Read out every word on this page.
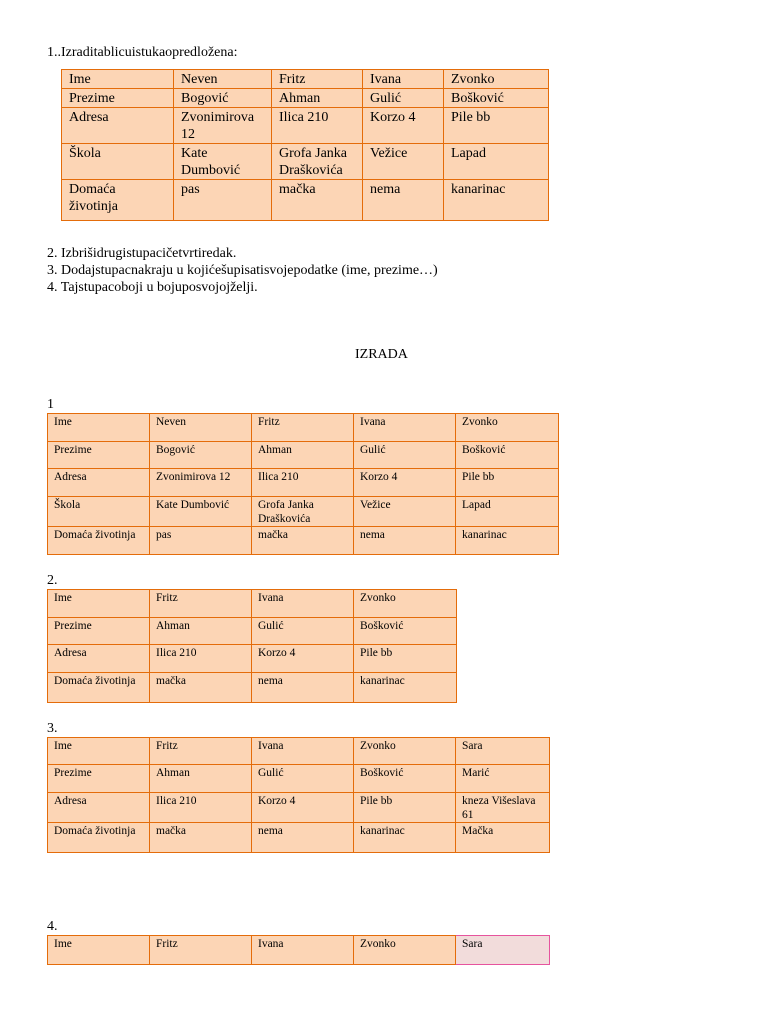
1..Izraditablicuistukaopredložena:

Ime	Neven	Fritz	Ivana	Zvonko
Prezime	Bogović	Ahman	Gulić	Bošković
Adresa	Zvonimirova 12	Ilica 210	Korzo 4	Pile bb
Škola	Kate Dumbović	Grofa Janka Draškovića	Vežice	Lapad
Domaća životinja	pas	mačka	nema	kanarinac

2. Izbrišidrugistupacičetvrtiredak.

3. Dodajstupacnakraju u kojićešupisatisvojepodatke (ime, prezime…)

4. Tajstupacoboji u bojuposvojojželji.

IZRADA

1

Ime	Neven	Fritz	Ivana	Zvonko
Prezime	Bogović	Ahman	Gulić	Bošković
Adresa	Zvonimirova 12	Ilica 210	Korzo 4	Pile bb
Škola	Kate Dumbović	Grofa Janka Draškovića	Vežice	Lapad
Domaća životinja	pas	mačka	nema	kanarinac

2.

Ime	Fritz	Ivana	Zvonko
Prezime	Ahman	Gulić	Bošković
Adresa	Ilica 210	Korzo 4	Pile bb
Domaća životinja	mačka	nema	kanarinac

3.

Ime	Fritz	Ivana	Zvonko	Sara
Prezime	Ahman	Gulić	Bošković	Marić
Adresa	Ilica 210	Korzo 4	Pile bb	kneza Višeslava 61
Domaća životinja	mačka	nema	kanarinac	Mačka

4.

Ime	Fritz	Ivana	Zvonko	Sara
